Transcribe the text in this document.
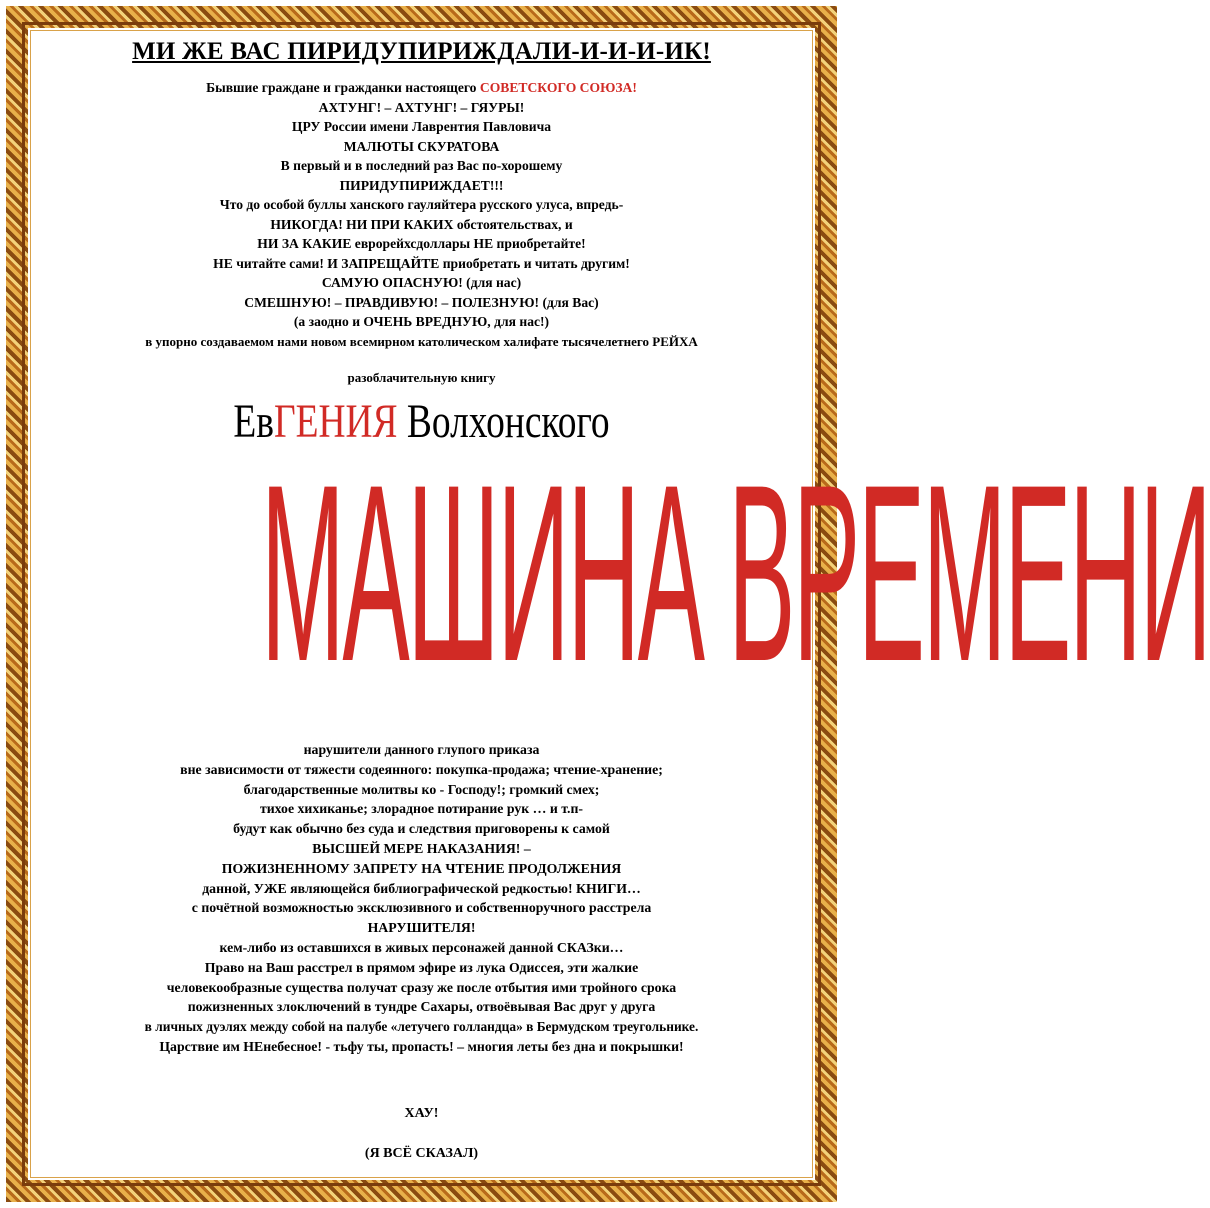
МИ ЖЕ ВАС ПИРИДУПИРИЖДАЛИ-И-И-И-ИК!
Бывшие граждане и гражданки настоящего СОВЕТСКОГО СОЮЗА!
АХТУНГ! – АХТУНГ! – ГЯУРЫ!
ЦРУ России имени Лаврентия Павловича
МАЛЮТЫ СКУРАТОВА
В первый и в последний раз Вас по-хорошему
ПИРИДУПИРИЖДАЕТ!!!
Что до особой буллы ханского гауляйтера русского улуса, впредь-
НИКОГДА! НИ ПРИ КАКИХ обстоятельствах, и
НИ ЗА КАКИЕ еврорейхсдоллары НЕ приобретайте!
НЕ читайте сами! И ЗАПРЕЩАЙТЕ приобретать и читать другим!
САМУЮ ОПАСНУЮ! (для нас)
СМЕШНУЮ! – ПРАВДИВУЮ! – ПОЛЕЗНУЮ! (для Вас)
(а заодно и ОЧЕНЬ ВРЕДНУЮ, для нас!)
в упорно создаваемом нами новом всемирном католическом халифате тысячелетнего РЕЙХА
разоблачительную книгу
ЕвГЕНИЯ Волхонского
МАШИНА ВРЕМЕНИ
нарушители данного глупого приказа
вне зависимости от тяжести содеянного: покупка-продажа; чтение-хранение;
благодарственные молитвы ко - Господу!; громкий смех;
тихое хихиканье; злорадное потирание рук … и т.п-
будут как обычно без суда и следствия приговорены к самой
ВЫСШЕЙ МЕРЕ НАКАЗАНИЯ! –
ПОЖИЗНЕННОМУ ЗАПРЕТУ НА ЧТЕНИЕ ПРОДОЛЖЕНИЯ
данной, УЖЕ являющейся библиографической редкостью! КНИГИ…
с почётной возможностью эксклюзивного и собственноручного расстрела
НАРУШИТЕЛЯ!
кем-либо из оставшихся в живых персонажей данной СКАЗки…
Право на Ваш расстрел в прямом эфире из лука Одиссея, эти жалкие
человекообразные существа получат сразу же после отбытия ими тройного срока
пожизненных злоключений в тундре Сахары, отвоёвывая Вас друг у друга
в личных дуэлях между собой на палубе «летучего голландца» в Бермудском треугольнике.
Царствие им НЕнебесное! - тьфу ты, пропасть! – многия леты без дна и покрышки!
ХАУ!
(Я ВСЁ СКАЗАЛ)
